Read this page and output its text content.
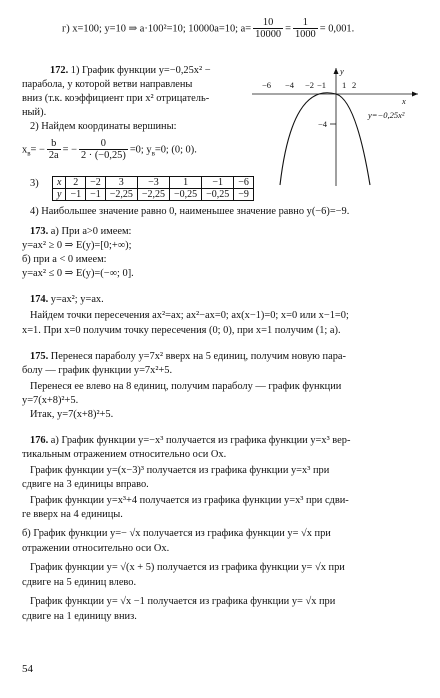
г) x=100; y=10 ⇒ a·100²=10; 10000a=10; $a= \frac{10}{10000} = \frac{1}{1000} = 0,001$.
172. 1) График функции y=−0,25x² −
парабола, у которой ветви направлены
вниз (т.к. коэффициент при x² отрицатель-
ный).
2) Найдем координаты вершины:
$x_в= - \frac{b}{2a}$ = − $\frac{0}{2 \cdot (-0,25)} =0$; $y_в=0$; (0; 0).
3) x	2	−2	3	−3	1	−1	−6
y	−1	−1	−2,25	−2,25	−0,25	−0,25	−9
4) Наибольшее значение равно 0, наименьшее значение равно y(−6)=−9.
y
x
−6 −4 −2 −1 1 2
−4
y=−0,25x²
173. а) При a>0 имеем:
y=ax² ≥ 0 ⇒ E(y)=[0;+∞);
б) при a < 0 имеем:
y=ax² ≤ 0 ⇒ E(y)=(−∞; 0].
174. y=ax²; y=ax.
Найдем точки пересечения ax²=ax; ax²−ax=0; ax(x−1)=0; x=0 или x−1=0;
x=1. При x=0 получим точку пересечения (0; 0), при x=1 получим (1; a).
175. Перенеся параболу y=7x² вверх на 5 единиц, получим новую пара-
болу — график функции y=7x²+5.
Перенеся ее влево на 8 единиц, получим параболу — график функции
y=7(x+8)²+5.
Итак, y=7(x+8)²+5.
176. а) График функции y=−x³ получается из графика функции y=x³ вер-
тикальным отражением относительно оси Ox.
График функции y=(x−3)³ получается из графика функции y=x³ при
сдвиге на 3 единицы вправо.
График функции y=x³+4 получается из графика функции y=x³ при сдви-
ге вверх на 4 единицы.
б) График функции y=− √x получается из графика функции y= √x при
отражении относительно оси Ox.
График функции y= √(x + 5) получается из графика функции y= √x при
сдвиге на 5 единиц влево.
График функции y= √x −1 получается из графика функции y= √x при
сдвиге на 1 единицу вниз.
54
